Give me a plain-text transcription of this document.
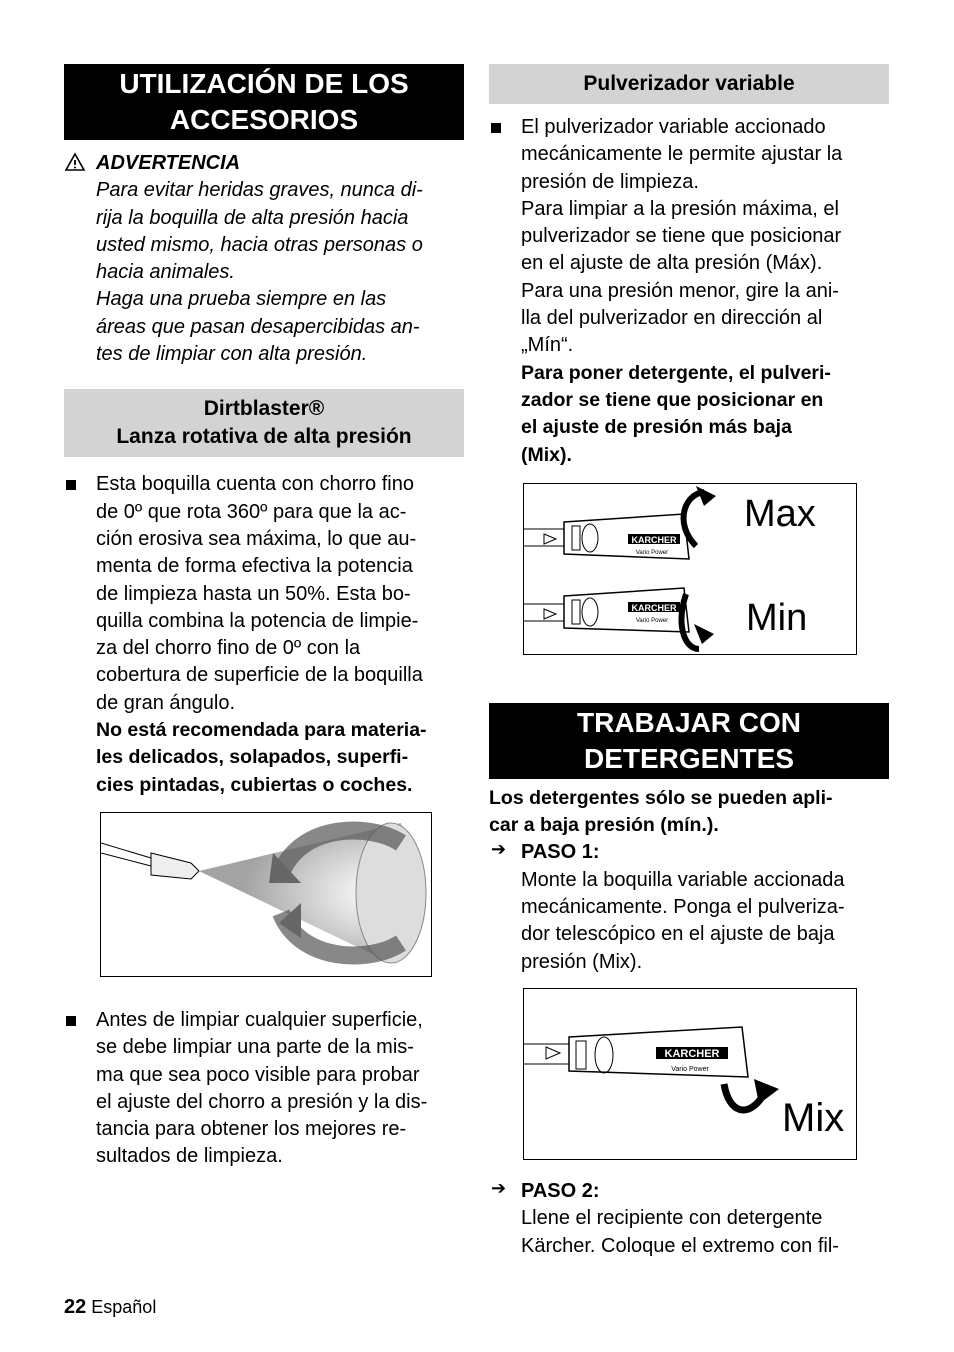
UTILIZACIÓN DE LOS
ACCESORIOS

ADVERTENCIA

Para evitar heridas graves, nunca di-
rija la boquilla de alta presión hacia
usted mismo, hacia otras personas o
hacia animales.

Haga una prueba siempre en las
áreas que pasan desapercibidas an-
tes de limpiar con alta presión.

Dirtblaster®
Lanza rotativa de alta presión

Esta boquilla cuenta con chorro fino
de 0º que rota 360º para que la ac-
ción erosiva sea máxima, lo que au-
menta de forma efectiva la potencia
de limpieza hasta un 50%. Esta bo-
quilla combina la potencia de limpie-
za del chorro fino de 0º con la
cobertura de superficie de la boquilla
de gran ángulo.

No está recomendada para materia-
les delicados, solapados, superfi-
cies pintadas, cubiertas o coches.

Antes de limpiar cualquier superficie,
se debe limpiar una parte de la mis-
ma que sea poco visible para probar
el ajuste del chorro a presión y la dis-
tancia para obtener los mejores re-
sultados de limpieza.

Pulverizador variable

El pulverizador variable accionado
mecánicamente le permite ajustar la
presión de limpieza.

Para limpiar a la presión máxima, el
pulverizador se tiene que posicionar
en el ajuste de alta presión (Máx).
Para una presión menor, gire la ani-
lla del pulverizador en dirección al
„Mín“.

Para poner detergente, el pulveri-
zador se tiene que posicionar en
el ajuste de presión más baja
(Mix).

KARCHER
Vario Power
Max
KARCHER
Vario Power Min
TRABAJAR CON
DETERGENTES

Los detergentes sólo se pueden apli-
car a baja presión (mín.).

➔ PASO 1:

Monte la boquilla variable accionada
mecánicamente. Ponga el pulveriza-
dor telescópico en el ajuste de baja
presión (Mix).

KARCHER
Vario Power
Mix
➔ PASO 2:

Llene el recipiente con detergente
Kärcher. Coloque el extremo con fil-

22 Español
